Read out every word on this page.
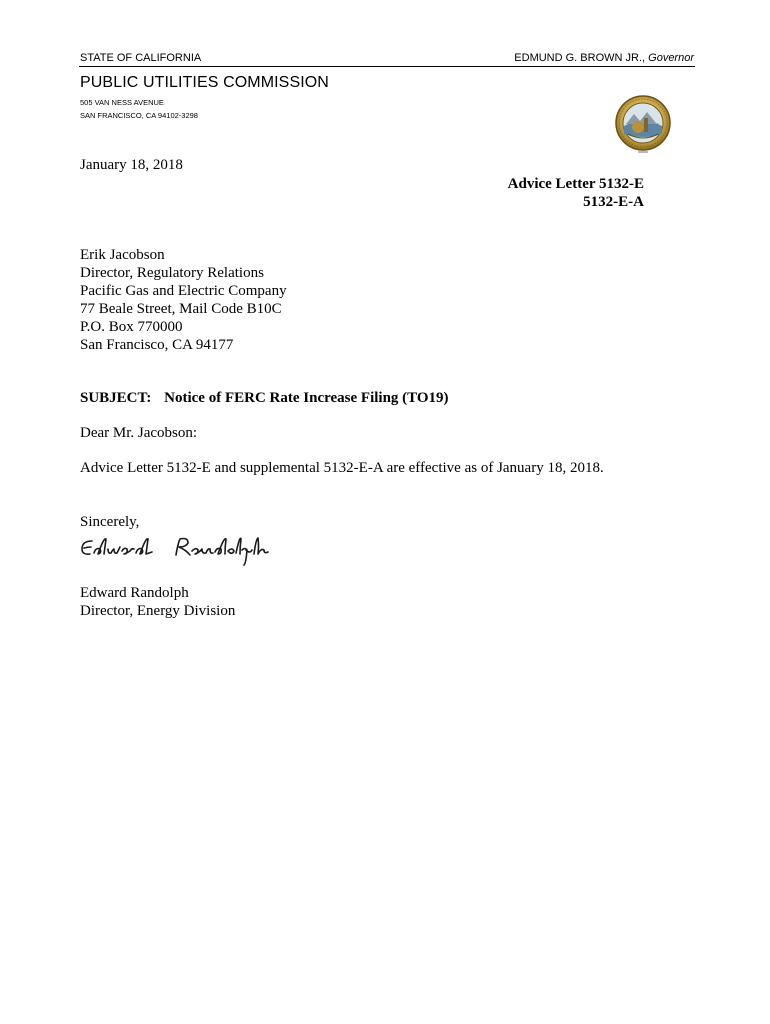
STATE OF CALIFORNIA	EDMUND G. BROWN JR., Governor
PUBLIC UTILITIES COMMISSION
505 VAN NESS AVENUE
SAN FRANCISCO, CA 94102-3298
January 18, 2018
Advice Letter 5132-E
5132-E-A
Erik Jacobson
Director, Regulatory Relations
Pacific Gas and Electric Company
77 Beale Street, Mail Code B10C
P.O. Box 770000
San Francisco, CA 94177
SUBJECT: Notice of FERC Rate Increase Filing (TO19)
Dear Mr. Jacobson:
Advice Letter 5132-E and supplemental 5132-E-A are effective as of January 18, 2018.
Sincerely,
Edward Randolph
Director, Energy Division
